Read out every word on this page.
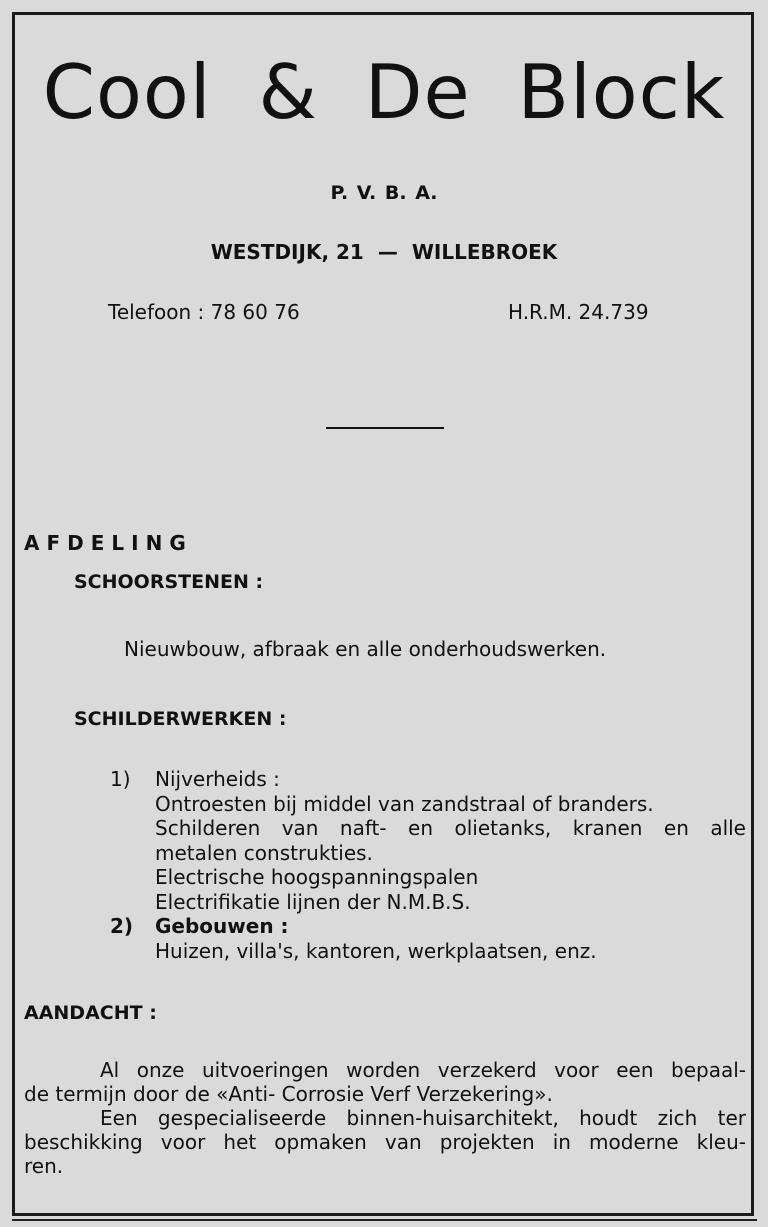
Cool & De Block
P. V. B. A.
WESTDIJK, 21 — WILLEBROEK
Telefoon : 78 60 76	H.R.M. 24.739
AFDELING
SCHOORSTENEN :
Nieuwbouw, afbraak en alle onderhoudswerken.
SCHILDERWERKEN :
1) Nijverheids :
Ontroesten bij middel van zandstraal of branders.
Schilderen van naft- en olietanks, kranen en alle
metalen construkties.
Electrische hoogspanningspalen
Electrifikatie lijnen der N.M.B.S.
2) Gebouwen :
Huizen, villa's, kantoren, werkplaatsen, enz.
AANDACHT :
Al onze uitvoeringen worden verzekerd voor een bepaal-
de termijn door de «Anti- Corrosie Verf Verzekering».
Een gespecialiseerde binnen-huisarchitekt, houdt zich ter
beschikking voor het opmaken van projekten in moderne kleu-
ren.
